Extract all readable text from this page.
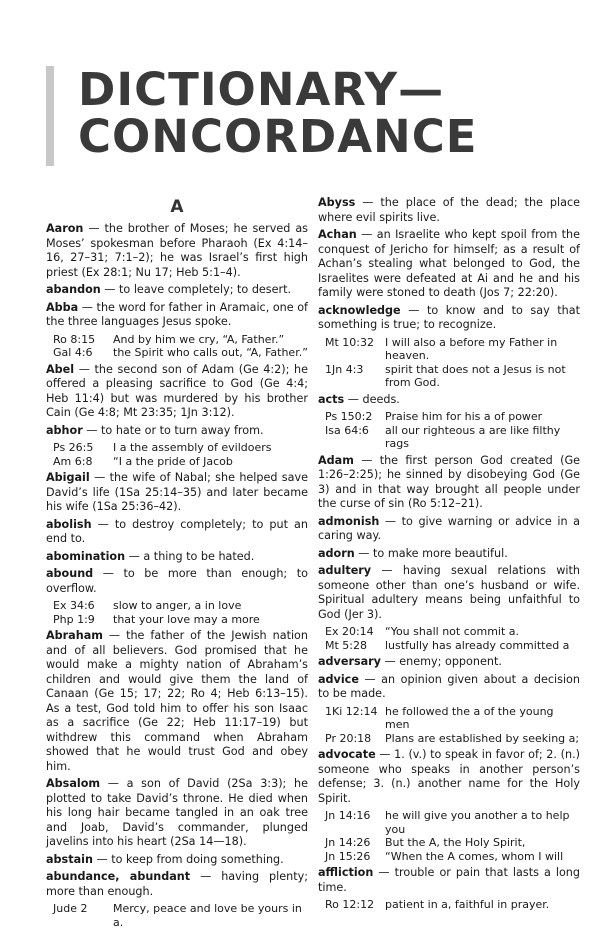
DICTIONARY—
CONCORDANCE
A
Aaron — the brother of Moses; he served as Moses’ spokesman before Pharaoh (Ex 4:14–16, 27–31; 7:1–2); he was Israel’s first high priest (Ex 28:1; Nu 17; Heb 5:1–4).
abandon — to leave completely; to desert.
Abba — the word for father in Aramaic, one of the three languages Jesus spoke.
Ro 8:15	And by him we cry, “A, Father.”
Gal 4:6	the Spirit who calls out, “A, Father.”
Abel — the second son of Adam (Ge 4:2); he offered a pleasing sacrifice to God (Ge 4:4; Heb 11:4) but was murdered by his brother Cain (Ge 4:8; Mt 23:35; 1Jn 3:12).
abhor — to hate or to turn away from.
Ps 26:5	I a the assembly of evildoers
Am 6:8	“I a the pride of Jacob
Abigail — the wife of Nabal; she helped save David’s life (1Sa 25:14–35) and later became his wife (1Sa 25:36–42).
abolish — to destroy completely; to put an end to.
abomination — a thing to be hated.
abound — to be more than enough; to overflow.
Ex 34:6	slow to anger, a in love
Php 1:9	that your love may a more
Abraham — the father of the Jewish nation and of all believers. God promised that he would make a mighty nation of Abraham’s children and would give them the land of Canaan (Ge 15; 17; 22; Ro 4; Heb 6:13–15). As a test, God told him to offer his son Isaac as a sacrifice (Ge 22; Heb 11:17–19) but withdrew this command when Abraham showed that he would trust God and obey him.
Absalom — a son of David (2Sa 3:3); he plotted to take David’s throne. He died when his long hair became tangled in an oak tree and Joab, David’s commander, plunged javelins into his heart (2Sa 14—18).
abstain — to keep from doing something.
abundance, abundant — having plenty; more than enough.
Jude 2	Mercy, peace and love be yours in a.
Abyss — the place of the dead; the place where evil spirits live.
Achan — an Israelite who kept spoil from the conquest of Jericho for himself; as a result of Achan’s stealing what belonged to God, the Israelites were defeated at Ai and he and his family were stoned to death (Jos 7; 22:20).
acknowledge — to know and to say that something is true; to recognize.
Mt 10:32	I will also a before my Father in heaven.
1Jn 4:3	spirit that does not a Jesus is not from God.
acts — deeds.
Ps 150:2	Praise him for his a of power
Isa 64:6	all our righteous a are like filthy rags
Adam — the first person God created (Ge 1:26–2:25); he sinned by disobeying God (Ge 3) and in that way brought all people under the curse of sin (Ro 5:12–21).
admonish — to give warning or advice in a caring way.
adorn — to make more beautiful.
adultery — having sexual relations with someone other than one’s husband or wife. Spiritual adultery means being unfaithful to God (Jer 3).
Ex 20:14	“You shall not commit a.
Mt 5:28	lustfully has already committed a
adversary — enemy; opponent.
advice — an opinion given about a decision to be made.
1Ki 12:14	he followed the a of the young men
Pr 20:18	Plans are established by seeking a;
advocate — 1. (v.) to speak in favor of; 2. (n.) someone who speaks in another person’s defense; 3. (n.) another name for the Holy Spirit.
Jn 14:16	he will give you another a to help you
Jn 14:26	But the A, the Holy Spirit,
Jn 15:26	“When the A comes, whom I will
affliction — trouble or pain that lasts a long time.
Ro 12:12	patient in a, faithful in prayer.
